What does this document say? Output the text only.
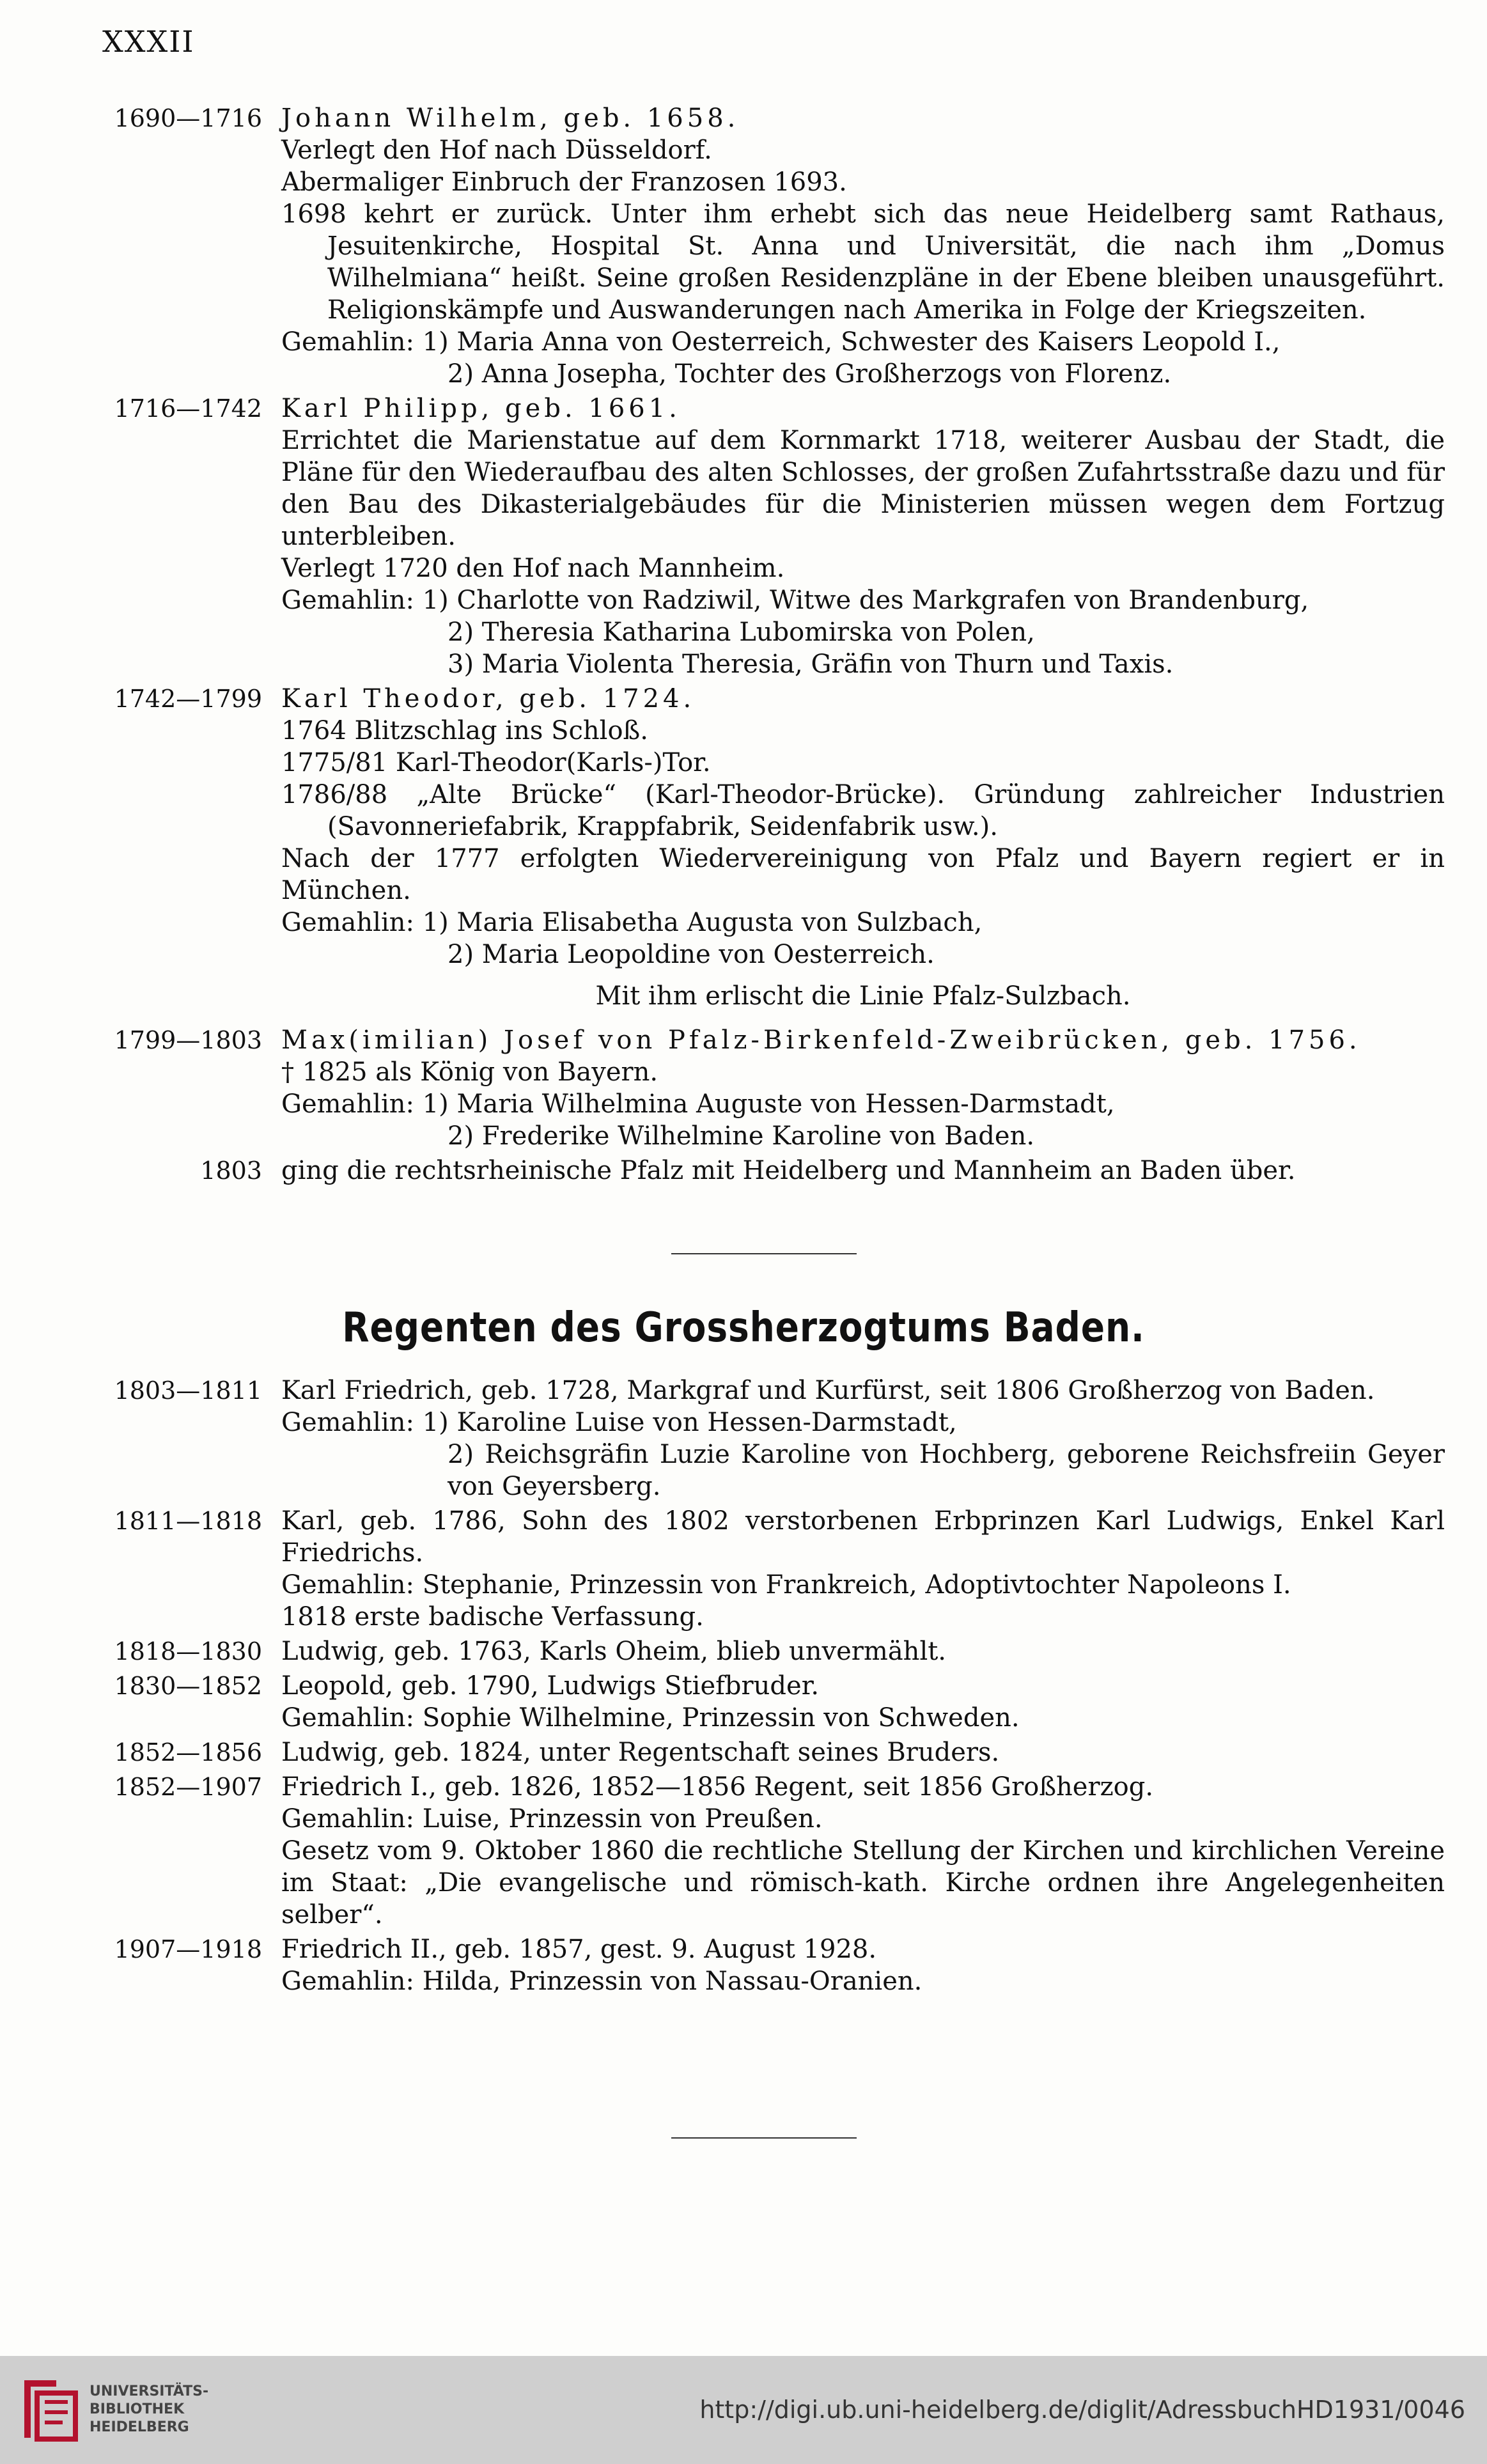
XXXII
1690—1716 Johann Wilhelm, geb. 1658.
Verlegt den Hof nach Düsseldorf.
Abermaliger Einbruch der Franzosen 1693.
1698 kehrt er zurück. Unter ihm erhebt sich das neue Heidelberg samt Rathaus, Jesuitenkirche, Hospital St. Anna und Universität, die nach ihm „Domus Wilhelmiana“ heißt. Seine großen Residenzpläne in der Ebene bleiben unausgeführt. Religionskämpfe und Auswanderungen nach Amerika in Folge der Kriegszeiten.
Gemahlin: 1) Maria Anna von Oesterreich, Schwester des Kaisers Leopold I.,
2) Anna Josepha, Tochter des Großherzogs von Florenz.
1716—1742 Karl Philipp, geb. 1661.
Errichtet die Marienstatue auf dem Kornmarkt 1718, weiterer Ausbau der Stadt, die Pläne für den Wiederaufbau des alten Schlosses, der großen Zufahrtsstraße dazu und für den Bau des Dikasterialgebäudes für die Ministerien müssen wegen dem Fortzug unterbleiben.
Verlegt 1720 den Hof nach Mannheim.
Gemahlin: 1) Charlotte von Radziwil, Witwe des Markgrafen von Brandenburg,
2) Theresia Katharina Lubomirska von Polen,
3) Maria Violenta Theresia, Gräfin von Thurn und Taxis.
1742—1799 Karl Theodor, geb. 1724.
1764 Blitzschlag ins Schloß.
1775/81 Karl-Theodor(Karls-)Tor.
1786/88 „Alte Brücke“ (Karl-Theodor-Brücke). Gründung zahlreicher Industrien (Savonneriefabrik, Krappfabrik, Seidenfabrik usw.).
Nach der 1777 erfolgten Wiedervereinigung von Pfalz und Bayern regiert er in München.
Gemahlin: 1) Maria Elisabetha Augusta von Sulzbach,
2) Maria Leopoldine von Oesterreich.
Mit ihm erlischt die Linie Pfalz-Sulzbach.
1799—1803 Max(imilian) Josef von Pfalz-Birkenfeld-Zweibrücken, geb. 1756.
† 1825 als König von Bayern.
Gemahlin: 1) Maria Wilhelmina Auguste von Hessen-Darmstadt,
2) Frederike Wilhelmine Karoline von Baden.
1803 ging die rechtsrheinische Pfalz mit Heidelberg und Mannheim an Baden über.
Regenten des Grossherzogtums Baden.
1803—1811 Karl Friedrich, geb. 1728, Markgraf und Kurfürst, seit 1806 Großherzog von Baden.
Gemahlin: 1) Karoline Luise von Hessen-Darmstadt,
2) Reichsgräfin Luzie Karoline von Hochberg, geborene Reichsfreiin Geyer von Geyersberg.
1811—1818 Karl, geb. 1786, Sohn des 1802 verstorbenen Erbprinzen Karl Ludwigs, Enkel Karl Friedrichs.
Gemahlin: Stephanie, Prinzessin von Frankreich, Adoptivtochter Napoleons I.
1818 erste badische Verfassung.
1818—1830 Ludwig, geb. 1763, Karls Oheim, blieb unvermählt.
1830—1852 Leopold, geb. 1790, Ludwigs Stiefbruder.
Gemahlin: Sophie Wilhelmine, Prinzessin von Schweden.
1852—1856 Ludwig, geb. 1824, unter Regentschaft seines Bruders.
1852—1907 Friedrich I., geb. 1826, 1852—1856 Regent, seit 1856 Großherzog.
Gemahlin: Luise, Prinzessin von Preußen.
Gesetz vom 9. Oktober 1860 die rechtliche Stellung der Kirchen und kirchlichen Vereine im Staat: „Die evangelische und römisch-kath. Kirche ordnen ihre Angelegenheiten selber“.
1907—1918 Friedrich II., geb. 1857, gest. 9. August 1928.
Gemahlin: Hilda, Prinzessin von Nassau-Oranien.
UNIVERSITÄTS-
BIBLIOTHEK
HEIDELBERG
http://digi.ub.uni-heidelberg.de/diglit/AdressbuchHD1931/0046
